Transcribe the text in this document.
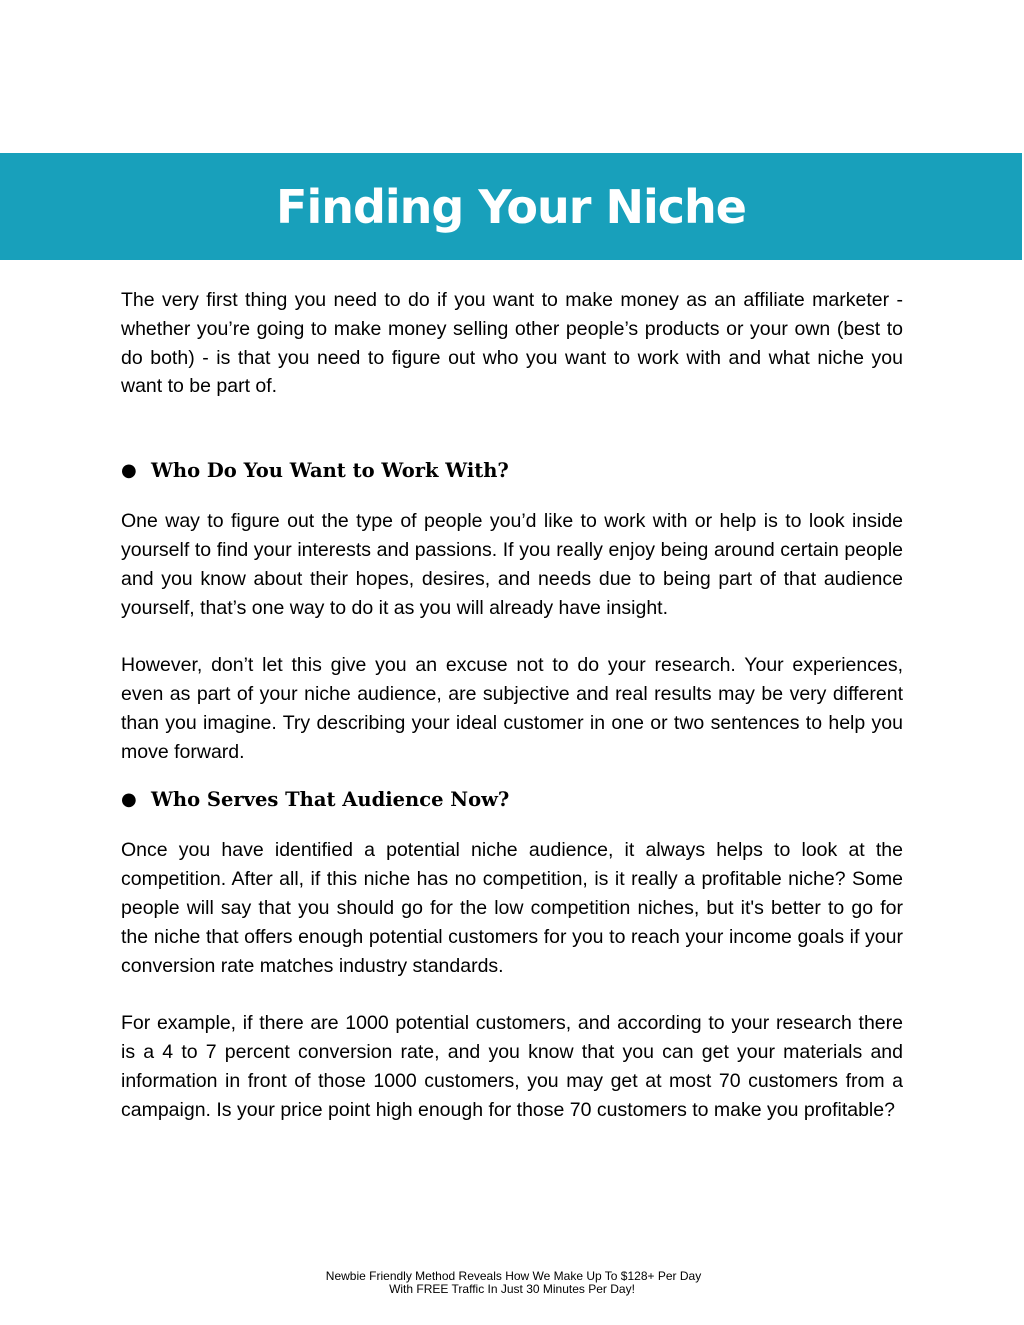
Finding Your Niche

The very first thing you need to do if you want to make money as an affiliate marketer - whether you’re going to make money selling other people’s products or your own (best to do both) - is that you need to figure out who you want to work with and what niche you want to be part of.

● Who Do You Want to Work With?

One way to figure out the type of people you’d like to work with or help is to look inside yourself to find your interests and passions. If you really enjoy being around certain people and you know about their hopes, desires, and needs due to being part of that audience yourself, that’s one way to do it as you will already have insight.

However, don’t let this give you an excuse not to do your research. Your experiences, even as part of your niche audience, are subjective and real results may be very different than you imagine. Try describing your ideal customer in one or two sentences to help you move forward.

● Who Serves That Audience Now?

Once you have identified a potential niche audience, it always helps to look at the competition. After all, if this niche has no competition, is it really a profitable niche? Some people will say that you should go for the low competition niches, but it's better to go for the niche that offers enough potential customers for you to reach your income goals if your conversion rate matches industry standards.

For example, if there are 1000 potential customers, and according to your research there is a 4 to 7 percent conversion rate, and you know that you can get your materials and information in front of those 1000 customers, you may get at most 70 customers from a campaign. Is your price point high enough for those 70 customers to make you profitable?

Newbie Friendly Method Reveals How We Make Up To $128+ Per Day
With FREE Traffic In Just 30 Minutes Per Day!
